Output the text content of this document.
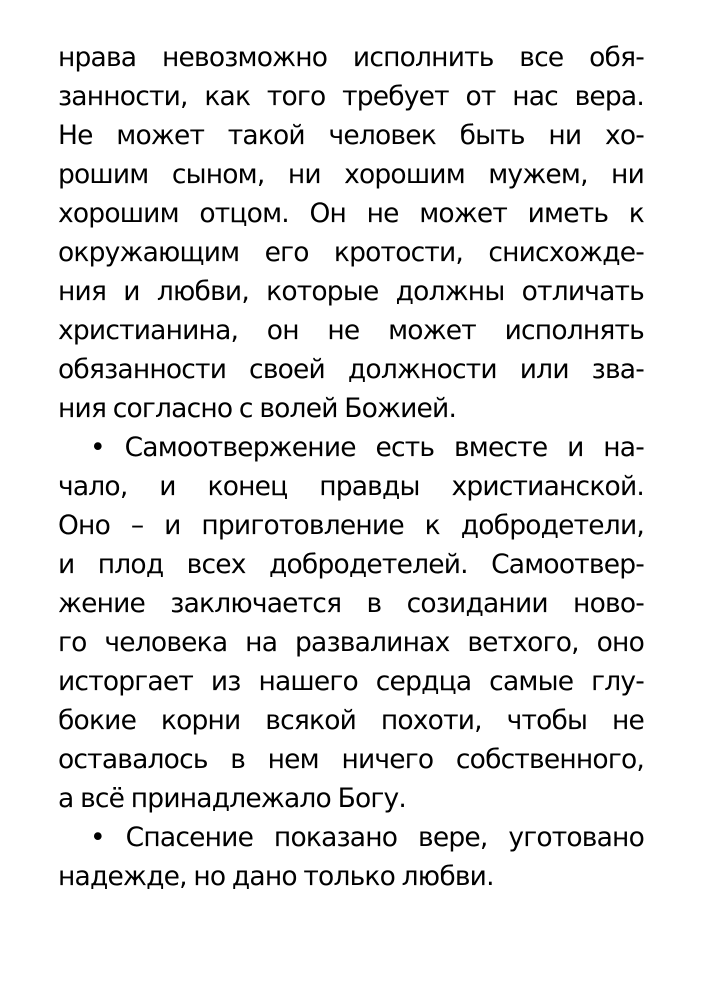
нрава невозможно исполнить все обя-
занности, как того требует от нас вера.
Не может такой человек быть ни хо-
рошим сыном, ни хорошим мужем, ни
хорошим отцом. Он не может иметь к
окружающим его кротости, снисхожде-
ния и любви, которые должны отличать
христианина, он не может исполнять
обязанности своей должности или зва-
ния согласно с волей Божией.
• Самоотвержение есть вместе и на-
чало, и конец правды христианской.
Оно – и приготовление к добродетели,
и плод всех добродетелей. Самоотвер-
жение заключается в созидании ново-
го человека на развалинах ветхого, оно
исторгает из нашего сердца самые глу-
бокие корни всякой похоти, чтобы не
оставалось в нем ничего собственного,
а всё принадлежало Богу.
• Спасение показано вере, уготовано
надежде, но дано только любви.
